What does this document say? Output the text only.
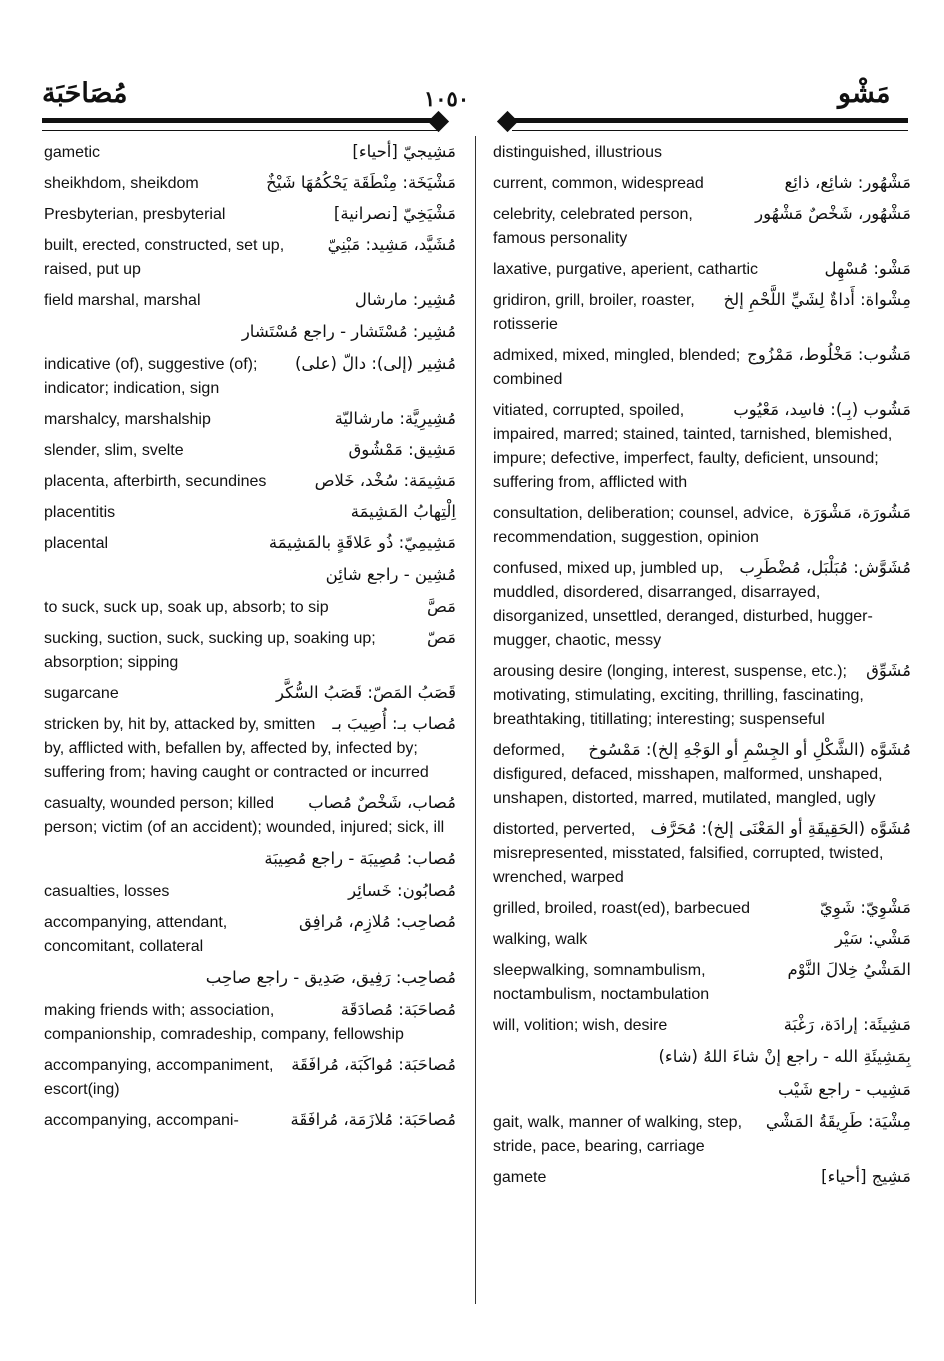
مُصَاحَبَة	١٠٥٠	مَشْو
مَشِيجيّ [أحياء]
gametic
مَشْيَخَة: مِنْطَقَة يَحْكُمُهَا شَيْخٌ
sheikhdom, sheikdom
مَشْيَخِيّ [نصرانية]
Presbyterian, presbyterial
مُشَيَّد، مَشِيد: مَبْنِيّ
built, erected, constructed, set up, raised, put up
مُشِير: مارشال
field marshal, marshal
مُشِير: مُسْتَشار - راجع مُسْتَشار
مُشِير (إلى): دالّ (على)
indicative (of), suggestive (of); indicator; indication, sign
مُشِيرِيَّة: مارشاليّة
marshalcy, marshalship
مَشِيق: مَمْشُوق
slender, slim, svelte
مَشِيمَة: سُخْد، خَلاص
placenta, afterbirth, secundines
اِلْتِهابُ المَشِيمَة
placentitis
مَشِيمِيّ: ذُو عَلاقَةٍ بالمَشِيمَة
placental
مُشِين - راجع شائِن
مَصَّ
to suck, suck up, soak up, absorb; to sip
مَصّ
sucking, suction, suck, sucking up, soaking up; absorption; sipping
قَصَبُ المَصّ: قَصَبُ السُّكَّر
sugarcane
مُصاب بـ: أُصِيبَ بـ
stricken by, hit by, attacked by, smitten by, afflicted with, befallen by, affected by, infected by; suffering from; having caught or contracted or incurred
مُصاب، شَخْصٌ مُصاب
casualty, wounded person; killed person; victim (of an accident); wounded, injured; sick, ill
مُصاب: مُصِيبَة - راجع مُصِيبَة
مُصابُون: خَسائِر
casualties, losses
مُصاحِب: مُلازِم، مُرافِق
accompanying, attendant, concomitant, collateral
مُصاحِب: رَفِيق، صَدِيق - راجع صاحِب
مُصاحَبَة: مُصادَقَة
making friends with; association, companionship, comradeship, company, fellowship
مُصاحَبَة: مُواكَبَة، مُرافَقَة
accompanying, accompaniment, escort(ing)
مُصاحَبَة: مُلازَمَة، مُرافَقَة
accompanying, accompani-
distinguished, illustrious
مَشْهُور: شائِع، ذائِع
current, common, widespread
مَشْهُور، شَخْصٌ مَشْهُور
celebrity, celebrated person, famous personality
مَشْو: مُسْهِل
laxative, purgative, aperient, cathartic
مِشْواة: أَداةٌ لِشَيِّ اللَّحْمِ إلخ
gridiron, grill, broiler, roaster, rotisserie
مَشُوب: مَخْلُوط، مَمْزُوج
admixed, mixed, mingled, blended; combined
مَشُوب (بِـ): فاسِد، مَعْيُوب
vitiated, corrupted, spoiled, impaired, marred; stained, tainted, tarnished, blemished, impure; defective, imperfect, faulty, deficient, unsound; suffering from, afflicted with
مَشُورَة، مَشْوَرَة
consultation, deliberation; counsel, advice, recommendation, suggestion, opinion
مُشَوَّش: مُبَلْبَل، مُضْطَرِب
confused, mixed up, jumbled up, muddled, disordered, disarranged, disarrayed, disorganized, unsettled, deranged, disturbed, hugger-mugger, chaotic, messy
مُشَوِّق
arousing desire (longing, interest, suspense, etc.); motivating, stimulating, exciting, thrilling, fascinating, breathtaking, titillating; interesting; suspenseful
مُشَوَّه (الشَّكْلِ أو الجِسْمِ أو الوَجْهِ إلخ): مَمْسُوخ
deformed, disfigured, defaced, misshapen, malformed, unshaped, unshapen, distorted, marred, mutilated, mangled, ugly
مُشَوَّه (الحَقِيقَةِ أو المَعْنَى إلخ): مُحَرَّف
distorted, perverted, misrepresented, misstated, falsified, corrupted, twisted, wrenched, warped
مَشْوِيّ: شَوِيّ
grilled, broiled, roast(ed), barbecued
مَشْي: سَيْر
walking, walk
المَشْيُ خِلالَ النَّوْم
sleepwalking, somnambulism, noctambulism, noctambulation
مَشِيئَة: إرادَة، رَغْبَة
will, volition; wish, desire
بِمَشِيئَةِ الله - راجع إنْ شاءَ اللهُ (شاء)
مَشِيب - راجع شَيْب
مِشْيَة: طَرِيقَةُ المَشْي
gait, walk, manner of walking, step, stride, pace, bearing, carriage
مَشِيج [أحياء]
gamete
